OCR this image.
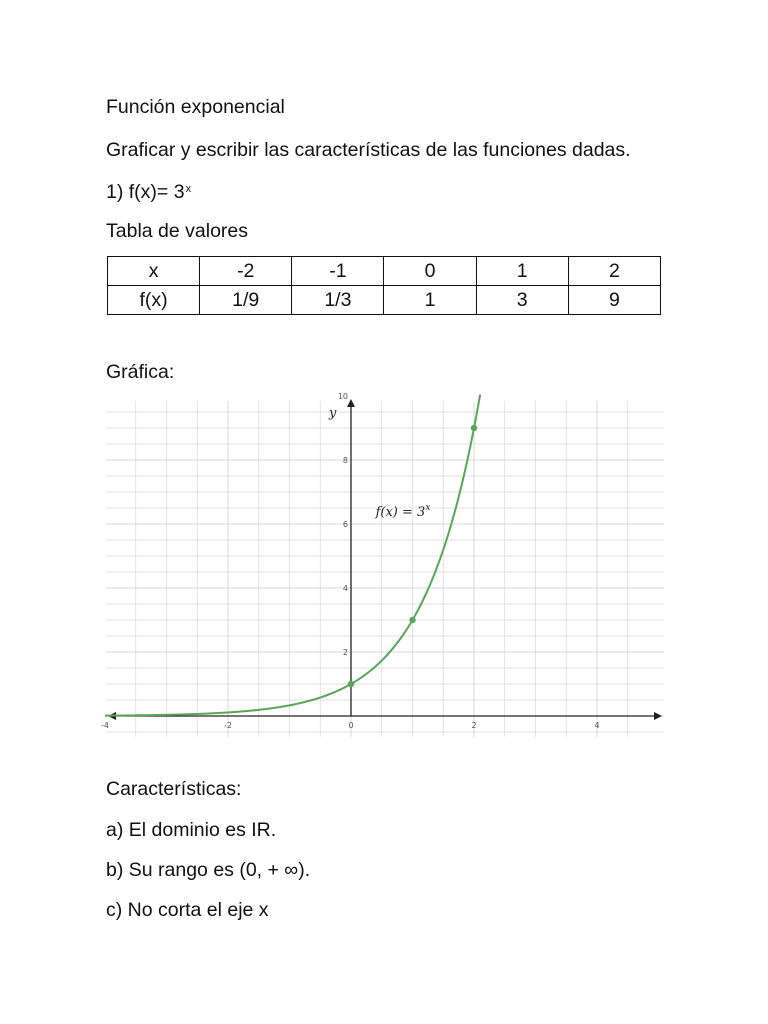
Función exponencial
Graficar y escribir las características de las funciones dadas.
1) $f(x)= 3^x$
Tabla de valores
x	-2	-1	0	1	2
f(x)	1/9	1/3	1	3	9
Gráfica:
-4	-2	0	2	4
2
4
6
8
10
y
$f(x) = 3^x$
Características:
a) El dominio es IR.
b) Su rango es (0, + ∞).
c) No corta el eje x
